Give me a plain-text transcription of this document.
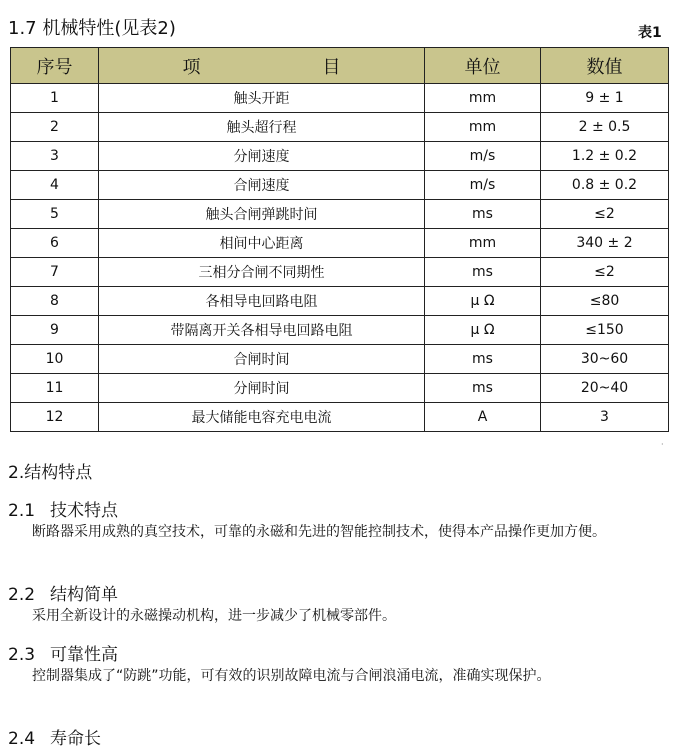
1.7 机械特性(见表2)	表1
序号	项　目	单位	数值
1	触头开距	mm	9 ± 1
2	触头超行程	mm	2 ± 0.5
3	分闸速度	m/s	1.2 ± 0.2
4	合闸速度	m/s	0.8 ± 0.2
5	触头合闸弹跳时间	ms	≤2
6	相间中心距离	mm	340 ± 2
7	三相分合闸不同期性	ms	≤2
8	各相导电回路电阻	μ Ω	≤80
9	带隔离开关各相导电回路电阻	μ Ω	≤150
10	合闸时间	ms	30~60
11	分闸时间	ms	20~40
12	最大储能电容充电电流	A	3
·
2.结构特点
2.1 技术特点
断路器采用成熟的真空技术，可靠的永磁和先进的智能控制技术，使得本产品操作更加方便。
2.2 结构简单
采用全新设计的永磁操动机构，进一步减少了机械零部件。
2.3 可靠性高
控制器集成了“防跳”功能，可有效的识别故障电流与合闸浪涌电流，准确实现保护。
2.4 寿命长
